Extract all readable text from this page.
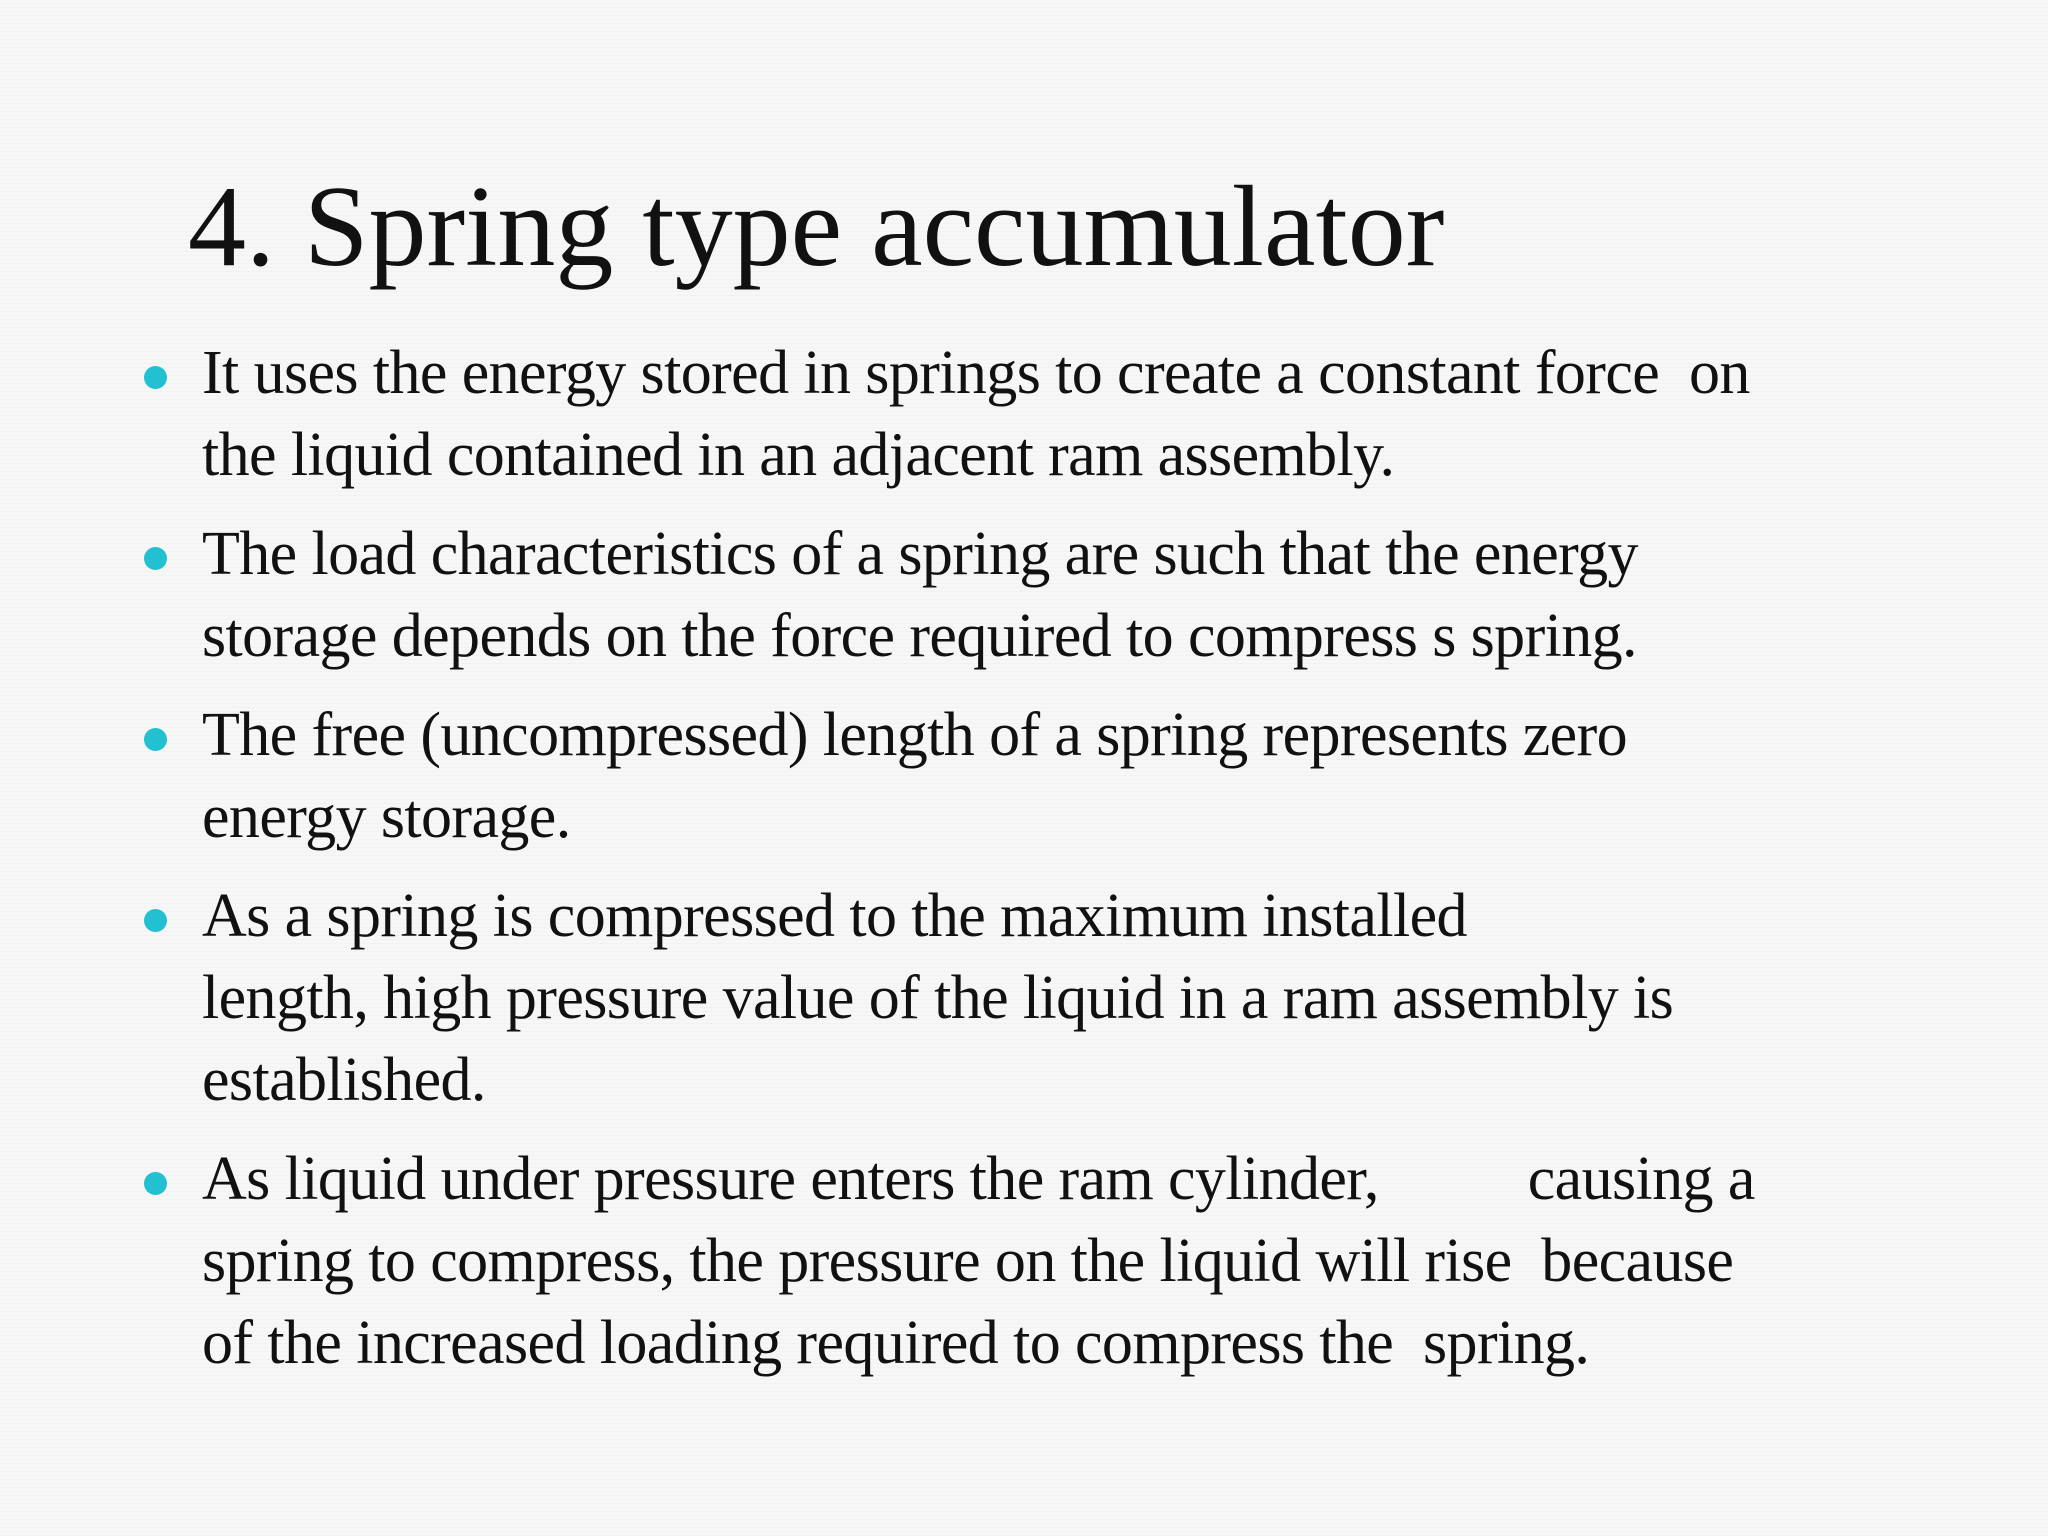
4. Spring type accumulator

It uses the energy stored in springs to create a constant force  on
the liquid contained in an adjacent ram assembly.

The load characteristics of a spring are such that the energy
storage depends on the force required to compress s spring.

The free (uncompressed) length of a spring represents zero
energy storage.

As a spring is compressed to the maximum installed
length, high pressure value of the liquid in a ram assembly is
established.

As liquid under pressure enters the ram cylinder,          causing a
spring to compress, the pressure on the liquid will rise  because
of the increased loading required to compress the  spring.
